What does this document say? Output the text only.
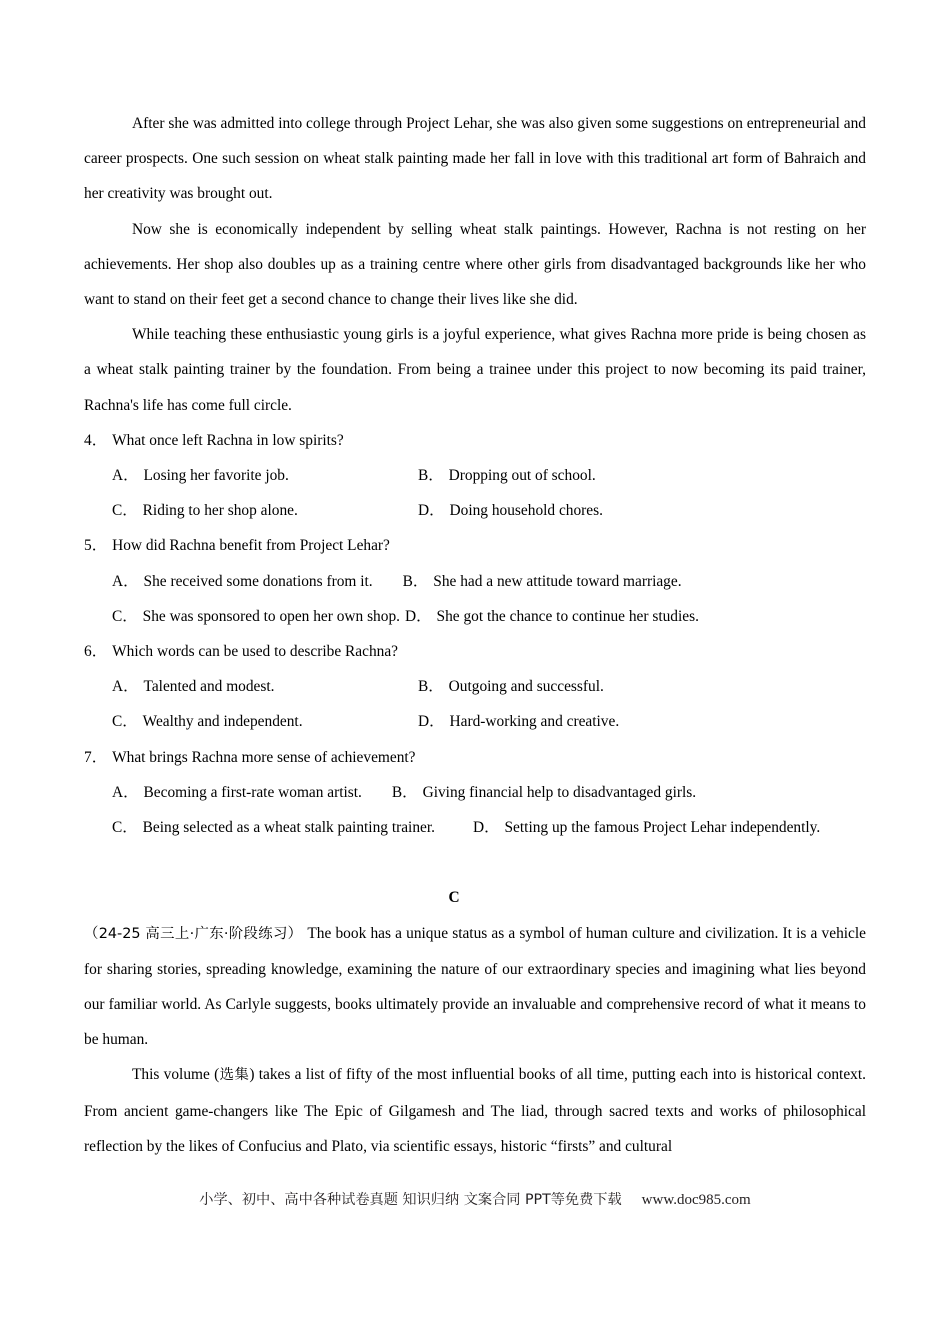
After she was admitted into college through Project Lehar, she was also given some suggestions on entrepreneurial and career prospects. One such session on wheat stalk painting made her fall in love with this traditional art form of Bahraich and her creativity was brought out.

Now she is economically independent by selling wheat stalk paintings. However, Rachna is not resting on her achievements. Her shop also doubles up as a training centre where other girls from disadvantaged backgrounds like her who want to stand on their feet get a second chance to change their lives like she did.

While teaching these enthusiastic young girls is a joyful experience, what gives Rachna more pride is being chosen as a wheat stalk painting trainer by the foundation. From being a trainee under this project to now becoming its paid trainer, Rachna's life has come full circle.

4． What once left Rachna in low spirits?

A． Losing her favorite job.	B． Dropping out of school.

C． Riding to her shop alone.	D． Doing household chores.

5． How did Rachna benefit from Project Lehar?

A． She received some donations from it. B． She had a new attitude toward marriage.

C． She was sponsored to open her own shop. D． She got the chance to continue her studies.

6． Which words can be used to describe Rachna?

A． Talented and modest.	B． Outgoing and successful.

C． Wealthy and independent.	D． Hard-working and creative.

7． What brings Rachna more sense of achievement?

A． Becoming a first-rate woman artist. B． Giving financial help to disadvantaged girls.

C． Being selected as a wheat stalk painting trainer. D． Setting up the famous Project Lehar independently.

C

（24-25 高三上·广东·阶段练习） The book has a unique status as a symbol of human culture and civilization. It is a vehicle for sharing stories, spreading knowledge, examining the nature of our extraordinary species and imagining what lies beyond our familiar world. As Carlyle suggests, books ultimately provide an invaluable and comprehensive record of what it means to be human.

This volume (选集) takes a list of fifty of the most influential books of all time, putting each into is historical context. From ancient game-changers like The Epic of Gilgamesh and The liad, through sacred texts and works of philosophical reflection by the likes of Confucius and Plato, via scientific essays, historic “firsts” and cultural

小学、初中、高中各种试卷真题 知识归纳 文案合同 PPT等免费下载 www.doc985.com
